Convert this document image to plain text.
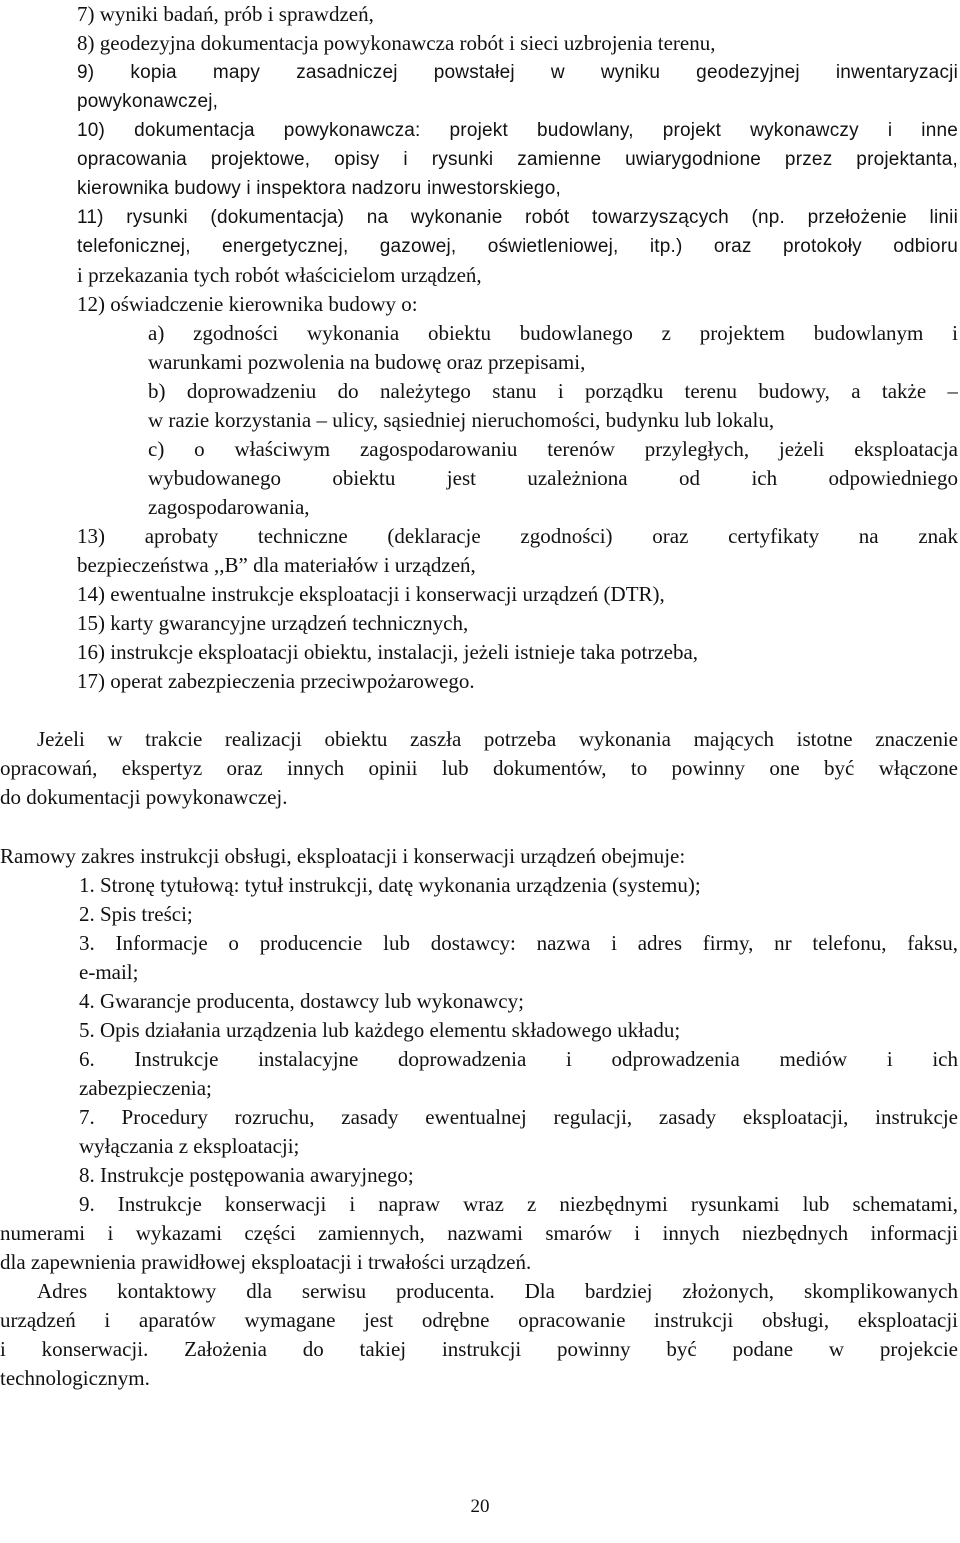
7) wyniki badań, prób i sprawdzeń,
8) geodezyjna dokumentacja powykonawcza robót i sieci uzbrojenia terenu,
9) kopia mapy zasadniczej powstałej w wyniku geodezyjnej inwentaryzacji
powykonawczej,
10) dokumentacja powykonawcza: projekt budowlany, projekt wykonawczy i inne
opracowania projektowe, opisy i rysunki zamienne uwiarygodnione przez projektanta,
kierownika budowy i inspektora nadzoru inwestorskiego,
11) rysunki (dokumentacja) na wykonanie robót towarzyszących (np. przełożenie linii
telefonicznej, energetycznej, gazowej, oświetleniowej, itp.) oraz protokoły odbioru
i przekazania tych robót właścicielom urządzeń,
12) oświadczenie kierownika budowy o:
a) zgodności wykonania obiektu budowlanego z projektem budowlanym i
warunkami pozwolenia na budowę oraz przepisami,
b) doprowadzeniu do należytego stanu i porządku terenu budowy, a także –
w razie korzystania – ulicy, sąsiedniej nieruchomości, budynku lub lokalu,
c) o właściwym zagospodarowaniu terenów przyległych, jeżeli eksploatacja
wybudowanego obiektu jest uzależniona od ich odpowiedniego
zagospodarowania,
13) aprobaty techniczne (deklaracje zgodności) oraz certyfikaty na znak
bezpieczeństwa ,,B” dla materiałów i urządzeń,
14) ewentualne instrukcje eksploatacji i konserwacji urządzeń (DTR),
15) karty gwarancyjne urządzeń technicznych,
16) instrukcje eksploatacji obiektu, instalacji, jeżeli istnieje taka potrzeba,
17) operat zabezpieczenia przeciwpożarowego.
Jeżeli w trakcie realizacji obiektu zaszła potrzeba wykonania mających istotne znaczenie
opracowań, ekspertyz oraz innych opinii lub dokumentów, to powinny one być włączone
do dokumentacji powykonawczej.
Ramowy zakres instrukcji obsługi, eksploatacji i konserwacji urządzeń obejmuje:
1. Stronę tytułową: tytuł instrukcji, datę wykonania urządzenia (systemu);
2. Spis treści;
3. Informacje o producencie lub dostawcy: nazwa i adres firmy, nr telefonu, faksu,
e-mail;
4. Gwarancje producenta, dostawcy lub wykonawcy;
5. Opis działania urządzenia lub każdego elementu składowego układu;
6. Instrukcje instalacyjne doprowadzenia i odprowadzenia mediów i ich
zabezpieczenia;
7. Procedury rozruchu, zasady ewentualnej regulacji, zasady eksploatacji, instrukcje
wyłączania z eksploatacji;
8. Instrukcje postępowania awaryjnego;
9. Instrukcje konserwacji i napraw wraz z niezbędnymi rysunkami lub schematami,
numerami i wykazami części zamiennych, nazwami smarów i innych niezbędnych informacji
dla zapewnienia prawidłowej eksploatacji i trwałości urządzeń.
Adres kontaktowy dla serwisu producenta. Dla bardziej złożonych, skomplikowanych
urządzeń i aparatów wymagane jest odrębne opracowanie instrukcji obsługi, eksploatacji
i konserwacji. Założenia do takiej instrukcji powinny być podane w projekcie
technologicznym.
20
